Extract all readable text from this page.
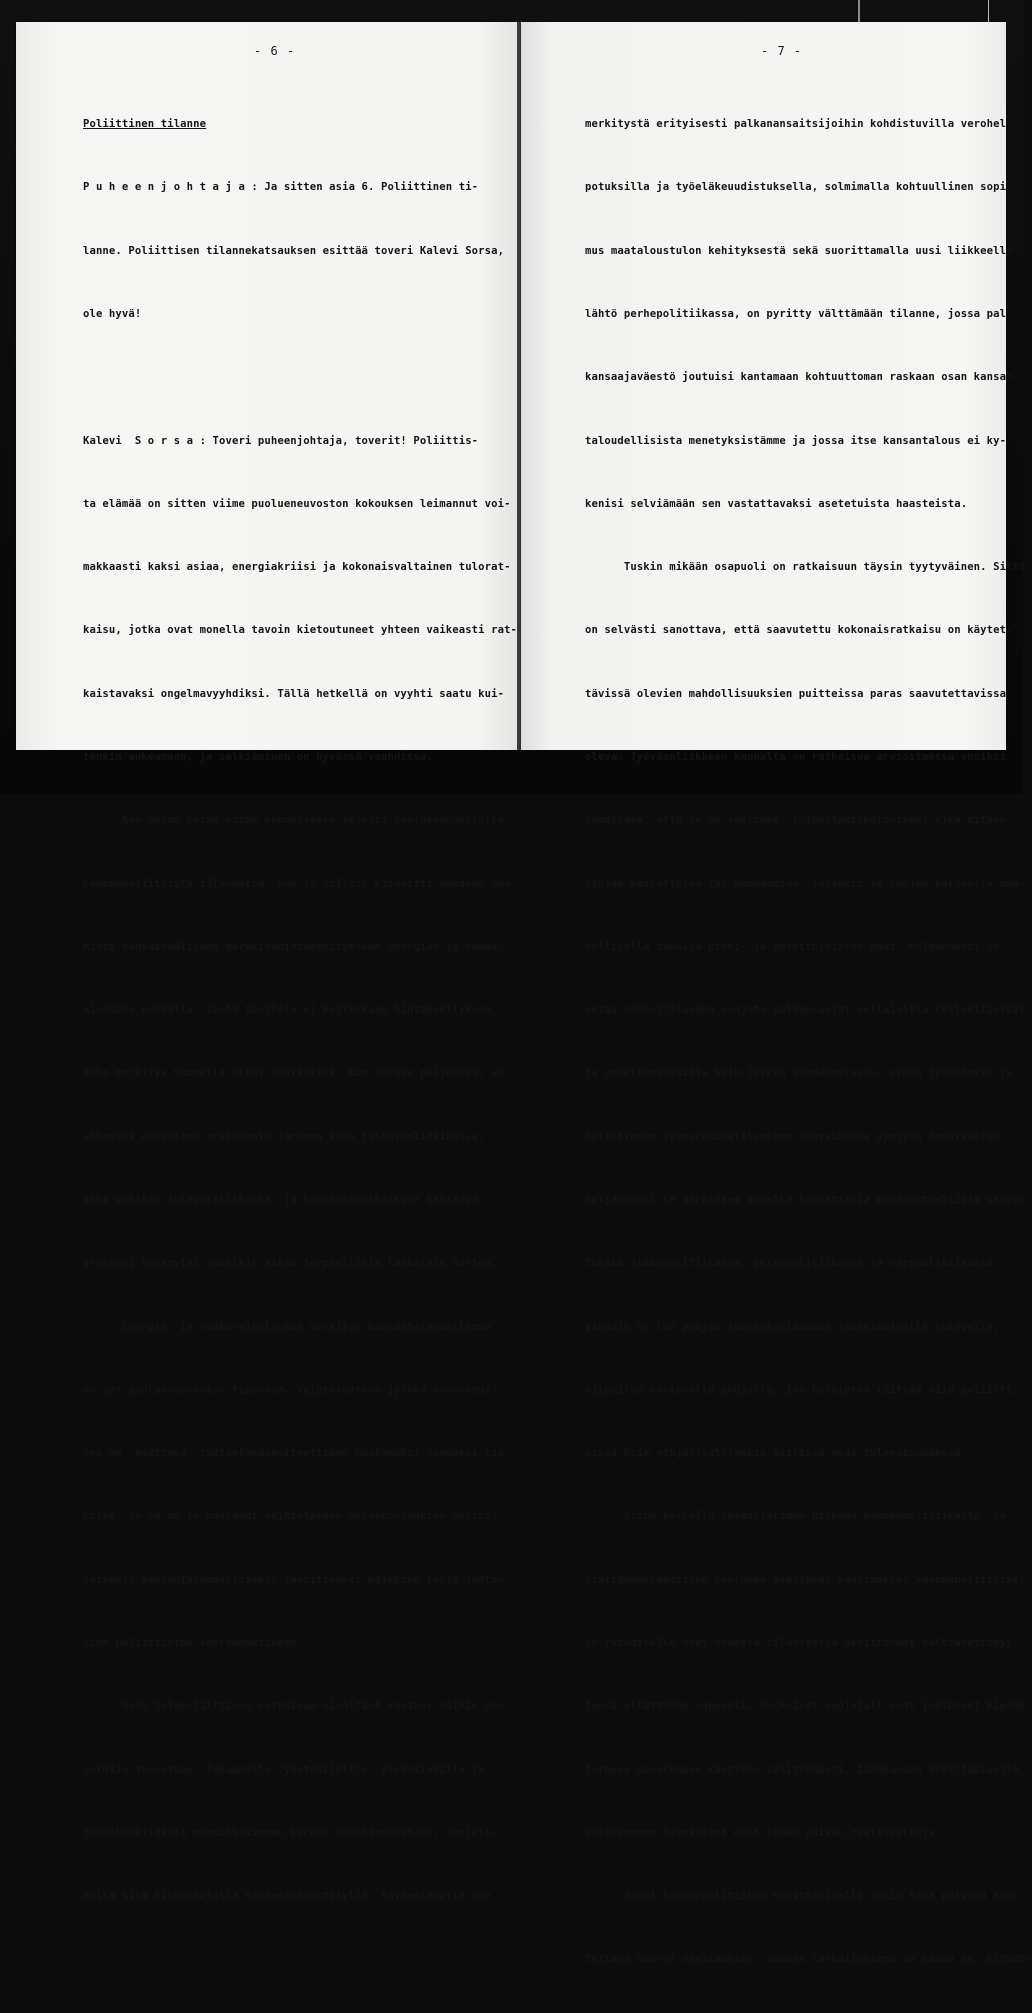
- 6 -

Poliittinen tilanne

P u h e e n j o h t a j a : Ja sitten asia 6. Poliittinen ti-

lanne. Poliittisen tilannekatsauksen esittää toveri Kalevi Sorsa,

ole hyvä!

Kalevi  S o r s a : Toveri puheenjohtaja, toverit! Poliittis-

ta elämää on sitten viime puolueneuvoston kokouksen leimannut voi-

makkaasti kaksi asiaa, energiakriisi ja kokonaisvaltainen tulorat-

kaisu, jotka ovat monella tavoin kietoutuneet yhteen vaikeasti rat-

kaistavaksi ongelmavyyhdiksi. Tällä hetkellä on vyyhti saatu kui-

tenkin aukeamaan, ja selkiäminen on hyvässä vauhdissa.

Kun Jermu Laine viime kokouksessa selosti puolueneuvostolle

kauppapoliittista tilannetta, hän jo silloin kiinnitti vakavaa huo-

miota kansainväliseen markkinahintakehitykseen energian ja raaka-

aineiden kohdalla. Vielä tuolloin ei kuitenkaan hintakehityksen

koko merkitys Suomelle ollut nähtävissä. Kun totuus paljastui, se

aiheutti uudelleen arvioinnin tarpeen koko talouspolitiikassa,

eikä vähiten tulopolitiikassa, ja kokonaisratkaisuun tähtäävä

prosessi keskeytyi joksikin aikaa tarpeellisia laskelmia varten.

Energia- ja raaka-ainelaskun merkitys kansantaloudellemme

on nyt puolueneuvoston tiedossa. Vaihtosuhteen jyrkkä huononemi-

nen on  asettava  tuotantokapasiteettimme muutamaksi vuodeksi tiu-

kille, ja se on jo nostanut vaihtotaseen peruskorjauksen ensisi-

jaiseksi kansantaloudelliseksi tavoitteeksi kaikkine tästä johtu-

vine poliittisine seuraamuksineen.

Myös tulopoliittisen ratkaisun sisältämä vastaus näihin on-

gelmiin tunnetaan. Takaamalla työntekijöille, virkamiehille ja

toimihenkilöille mahdollisimman korkea reaaliansiotaso, suojele-

malla sitä tiukennetulla hintasäännöstelyllä, täydentämällä sen

- 7 -

merkitystä erityisesti palkanansaitsijoihin kohdistuvilla verohel-

potuksilla ja työeläkeuudistuksella, solmimalla kohtuullinen sopi-

mus maataloustulon kehityksestä sekä suorittamalla uusi liikkeelle

lähtö perhepolitiikassa, on pyritty välttämään tilanne, jossa pal-

kansaajaväestö joutuisi kantamaan kohtuuttoman raskaan osan kansan-

taloudellisista menetyksistämme ja jossa itse kansantalous ei ky-

kenisi selviämään sen vastattavaksi asetetuista haasteista.

Tuskin mikään osapuoli on ratkaisuun täysin tyytyväinen. Silti

on selvästi sanottava, että saavutettu kokonaisratkaisu on käytet-

tävissä olevien mahdollisuuksien puitteissa paras saavutettavissa

oleva. Työväenliikkeen kannalta on ratkaisua arvioitaessa ensiksi

todettava, että se on realinen, toteuttamiskelpoinen, eikä mitään

tyhjää haihattelua tai demagogiaa. Toiseksi se suojaa parhaalla mah-

dollisella tavalla pieni- ja keskituloisten edut. Kolmanneksi se

antaa mahdollisuuden suojata palkansaajat sellaisilta kollektiivisil-

ta onnettomuuksilta kuin jyrkkä suhdannelasku, synkä työttömyys ja

holtittoman työmarkkinatilanteen seurauksena syntyvä devalvaatio.

Neljänneksi se merkitsee todella huomattavia periaatteellisia saavu-

tuksia eläkepolitiikassa, perhepolitiikassa ja veropolitiikassa.

Vihdoin se luo pohjan tuotantoelämämme rakentamiselle tukevalle,

kilpailun kestävälle pohjalle, jos harkintaa riittää niin poliitti-

sissa kuin etujärjestöjenkin piirissä myös tulevaisuudessa.

Viime kerralla keskustelimme pitkään kauppapolitiikasta. So-

sialidemokraattisen puolueen asettamat vaatimukset kauppapoliittisel-

le ratkaisulle ovat uudessa tilanteessa osoittaneet välttämättömyy-

tensä yllättävän nopeasti. Keskeiset suojalait ovat joutuneet kipeän

tarpeen sanelemaan käyttöön välittömästi. Idänkaupan kehittämiselle

asettamamme tavoitteet ovat tämän päivän realiteetteja.

Juuri kauppapolitiikan kehittämiselle onkin tänä päivänä ase-

tettava suuret vaatimukset. Suomen tarkoituksena on saada ns. KEVSOS-
